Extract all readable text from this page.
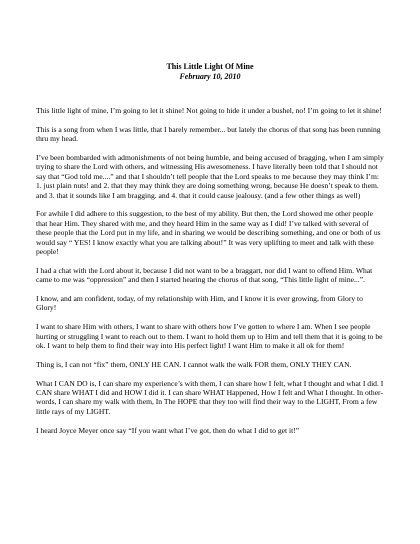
This Little Light Of Mine

February 10, 2010

This little light of mine, I’m going to let it shine! Not going to hide it under a bushel, no! I’m going to let it shine!

This is a song from when I was little, that I barely remember... but lately the chorus of that song has been running thru my head.

I’ve been bombarded with admonishments of not being humble, and being accused of bragging, when I am simply trying to share the Lord with others, and witnessing His awesomeness. I have literally been told that I should not say that “God told me....” and that I shouldn’t tell people that the Lord speaks to me because they may think I’m: 1. just plain nuts! and 2. that they may think they are doing something wrong, because He doesn’t speak to them. and 3. that it sounds like I am bragging. and 4. that it could cause jealousy. (and a few other things as well)

For awhile I did adhere to this suggestion, to the best of my ability. But then, the Lord showed me other people that hear Him. They shared with me, and they heard Him in the same way as I did! I’ve talked with several of these people that the Lord put in my life, and in sharing we would be describing something, and one or both of us would say “ YES! I know exactly what you are talking about!” It was very uplifting to meet and talk with these people!

I had a chat with the Lord about it, because I did not want to be a braggart, nor did I want to offend Him. What came to me was “oppression” and then I started hearing the chorus of that song, “This little light of mine...”.

I know, and am confident, today, of my relationship with Him, and I know it is ever growing, from Glory to Glory!

I want to share Him with others, I want to share with others how I’ve gotten to where I am. When I see people hurting or struggling I want to reach out to them. I want to hold them up to Him and tell them that it is going to be ok. I want to help them to find their way into His perfect light! I want Him to make it all ok for them!

Thing is, I can not “fix” them, ONLY HE CAN. I cannot walk the walk FOR them, ONLY THEY CAN.

What I CAN DO is, I can share my experience’s with them, I can share how I felt, what I thought and what I did. I CAN share WHAT I did and HOW I did it. I can share WHAT Happened, How I felt and What I thought. In other-words, I can share my walk with them, In The HOPE that they too will find their way to the LIGHT, From a few little rays of my LIGHT.

I heard Joyce Meyer once say “If you want what I’ve got, then do what I did to get it!”
